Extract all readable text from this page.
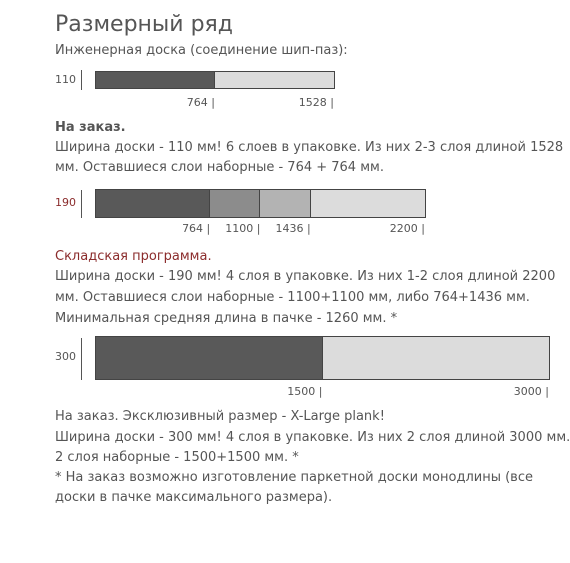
Размерный ряд
Инженерная доска (соединение шип-паз):
110
764 |	1528 |
На заказ.
Ширина доски - 110 мм! 6 слоев в упаковке. Из них 2-3 слоя длиной 1528
мм. Оставшиеся слои наборные - 764 + 764 мм.
190
764 | 1100 | 1436 |	2200 |
Складская программа.
Ширина доски - 190 мм! 4 слоя в упаковке. Из них 1-2 слоя длиной 2200
мм. Оставшиеся слои наборные - 1100+1100 мм, либо 764+1436 мм.
Минимальная средняя длина в пачке - 1260 мм. *
300
1500 |	3000 |
На заказ. Эксклюзивный размер - X-Large plank!
Ширина доски - 300 мм! 4 слоя в упаковке. Из них 2 слоя длиной 3000 мм.
2 слоя наборные - 1500+1500 мм. *
* На заказ возможно изготовление паркетной доски монодлины (все
доски в пачке максимального размера).
